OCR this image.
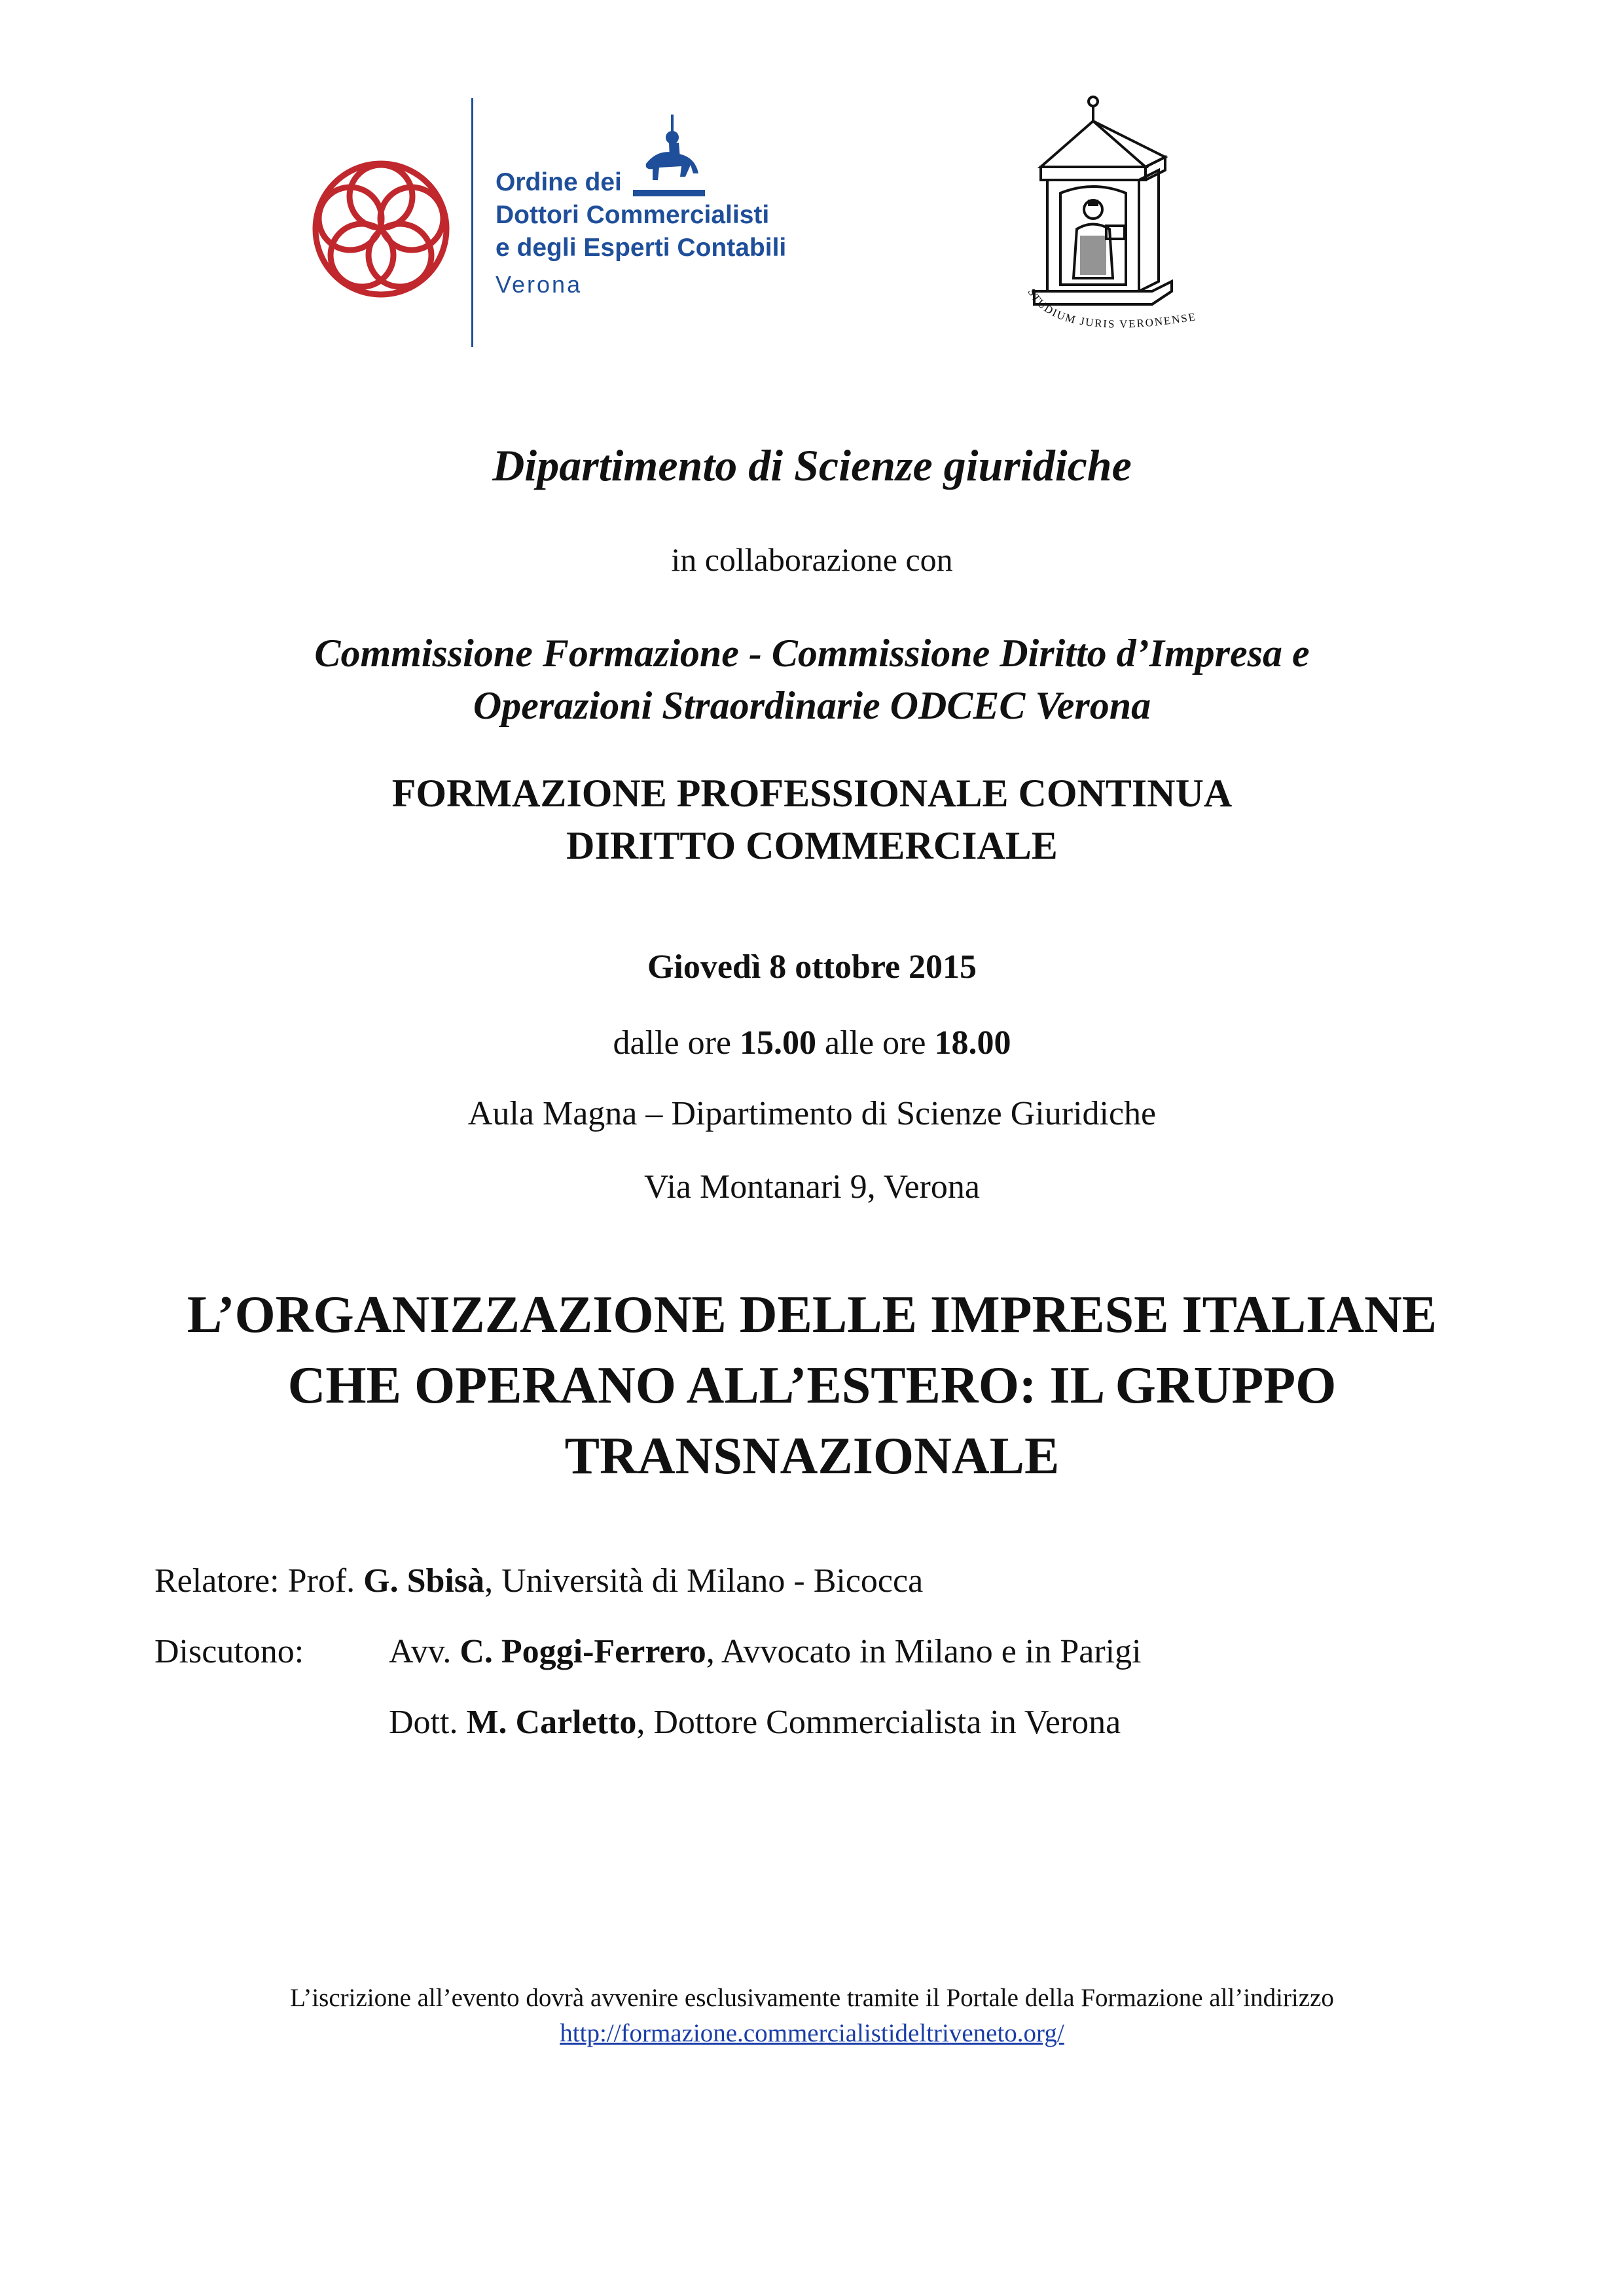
Ordine dei
Dottori Commercialisti
e degli Esperti Contabili
Verona	STUDIUM JURIS VERONENSE
Dipartimento di Scienze giuridiche
in collaborazione con
Commissione Formazione - Commissione Diritto d’Impresa e
Operazioni Straordinarie ODCEC Verona
FORMAZIONE PROFESSIONALE CONTINUA
DIRITTO COMMERCIALE
Giovedì 8 ottobre 2015
dalle ore 15.00 alle ore 18.00
Aula Magna – Dipartimento di Scienze Giuridiche
Via Montanari 9, Verona
L’ORGANIZZAZIONE DELLE IMPRESE ITALIANE
CHE OPERANO ALL’ESTERO: IL GRUPPO
TRANSNAZIONALE
Relatore: Prof. G. Sbisà, Università di Milano - Bicocca
Discutono: Avv. C. Poggi-Ferrero, Avvocato in Milano e in Parigi
Dott. M. Carletto, Dottore Commercialista in Verona
L’iscrizione all’evento dovrà avvenire esclusivamente tramite il Portale della Formazione all’indirizzo
http://formazione.commercialistideltriveneto.org/
